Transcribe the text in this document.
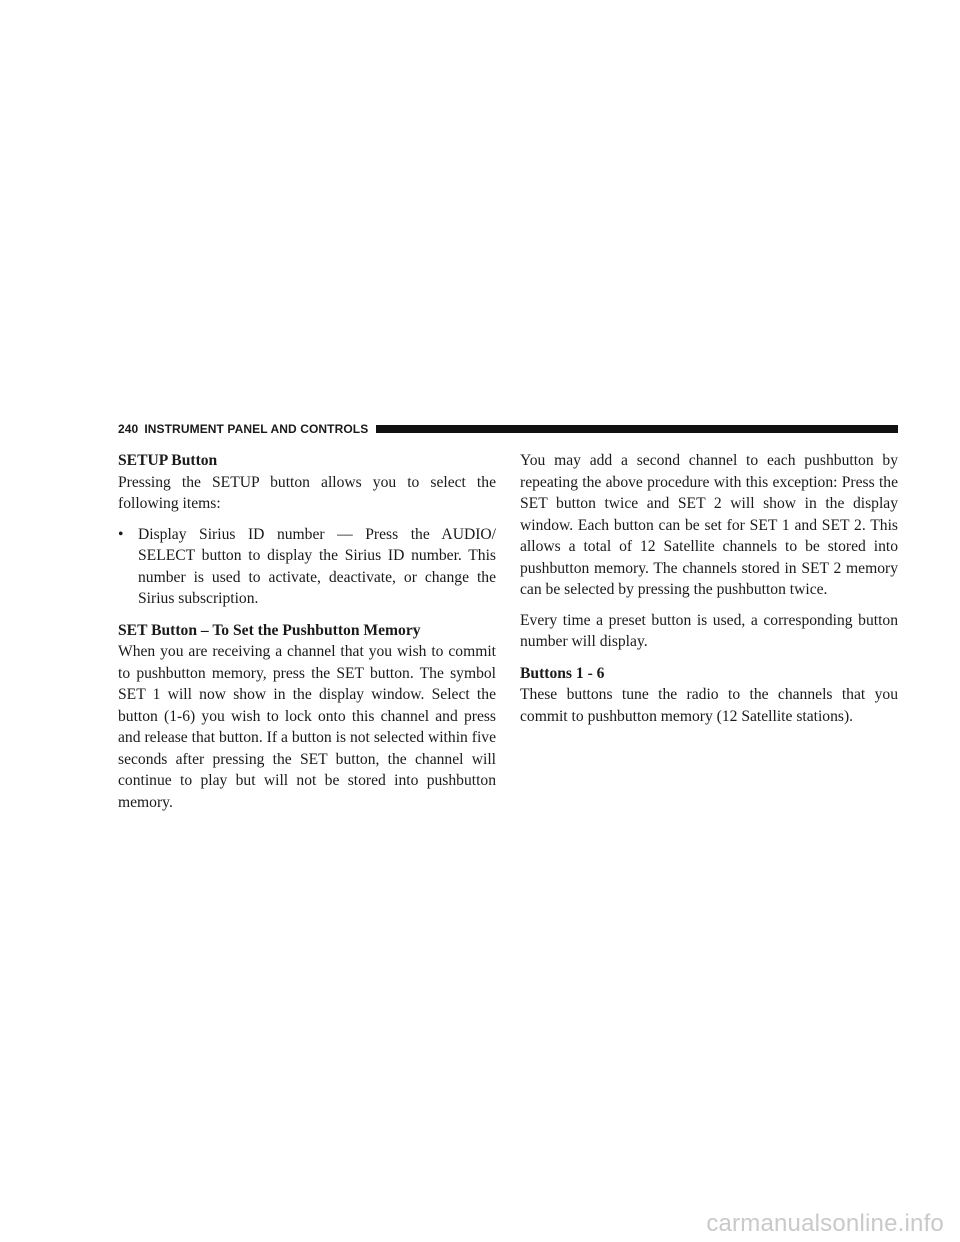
240 INSTRUMENT PANEL AND CONTROLS
SETUP Button

Pressing the SETUP button allows you to select the following items:

• Display Sirius ID number — Press the AUDIO/ SELECT button to display the Sirius ID number. This number is used to activate, deactivate, or change the Sirius subscription.
SET Button – To Set the Pushbutton Memory

When you are receiving a channel that you wish to commit to pushbutton memory, press the SET button. The symbol SET 1 will now show in the display window. Select the button (1-6) you wish to lock onto this channel and press and release that button. If a button is not selected within five seconds after pressing the SET button, the channel will continue to play but will not be stored into pushbutton memory.

You may add a second channel to each pushbutton by repeating the above procedure with this exception: Press the SET button twice and SET 2 will show in the display window. Each button can be set for SET 1 and SET 2. This allows a total of 12 Satellite channels to be stored into pushbutton memory. The channels stored in SET 2 memory can be selected by pressing the pushbutton twice.

Every time a preset button is used, a corresponding button number will display.

Buttons 1 - 6

These buttons tune the radio to the channels that you commit to pushbutton memory (12 Satellite stations).

carmanualsonline.info
